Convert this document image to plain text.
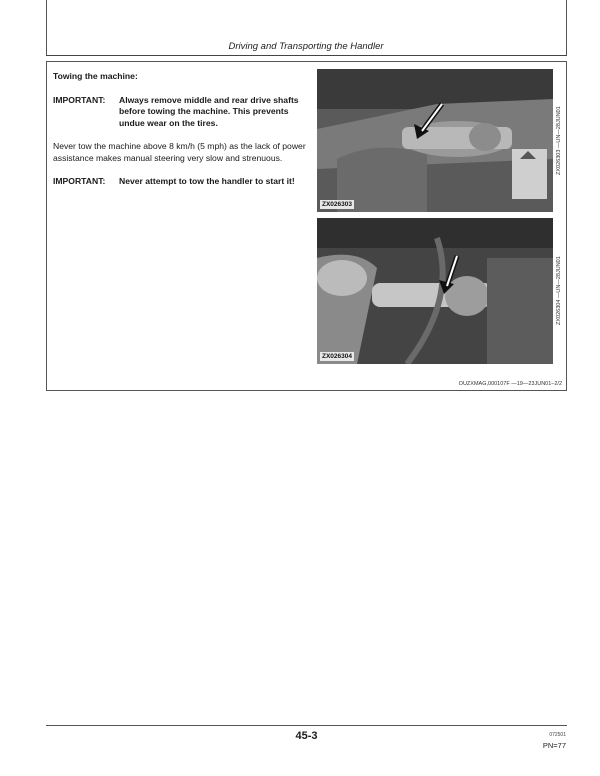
Driving and Transporting the Handler
Towing the machine:
IMPORTANT:	Always remove middle and rear drive shafts before towing the machine. This prevents undue wear on the tires.
Never tow the machine above 8 km/h (5 mph) as the lack of power assistance makes manual steering very slow and strenuous.
IMPORTANT:	Never attempt to tow the handler to start it!
ZX026303
ZX026303 —UN—28JUN01
ZX026304
ZX026304 —UN—28JUN01
OUZXMAG,000107F —19—23JUN01–2/2
45-3	072501
PN=77
